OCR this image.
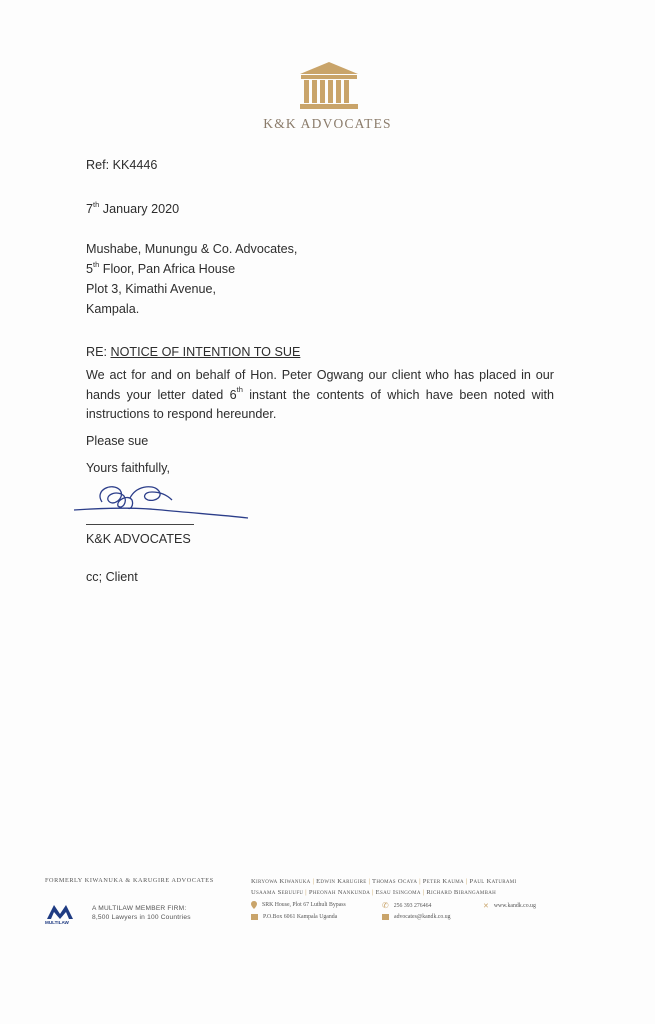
K&K ADVOCATES
Ref: KK4446
7th January 2020
Mushabe, Munungu & Co. Advocates,
5th Floor, Pan Africa House
Plot 3, Kimathi Avenue,
Kampala.
RE: NOTICE OF INTENTION TO SUE
We act for and on behalf of Hon. Peter Ogwang our client who has placed in our hands your letter dated 6th instant the contents of which have been noted with instructions to respond hereunder.
Please sue
Yours faithfully,
K&K ADVOCATES
cc; Client
FORMERLY KIWANUKA & KARUGIRE ADVOCATES	Kiryowa Kiwanuka | Edwin Karugire | Thomas Ocaya | Peter Kauma | Paul Katurami
Usaama Sebuufu | Pheonah Nankunda | Esau Isingoma | Richard Bibangambah
MULTILAW
A MULTILAW MEMBER FIRM:
8,500 Lawyers in 100 Countries
SRK House, Plot 67 Luthuli Bypass	✆ 256 393 276464	✕ www.kandk.co.ug
P.O.Box 6061 Kampala Uganda	advocates@kandk.co.ug
